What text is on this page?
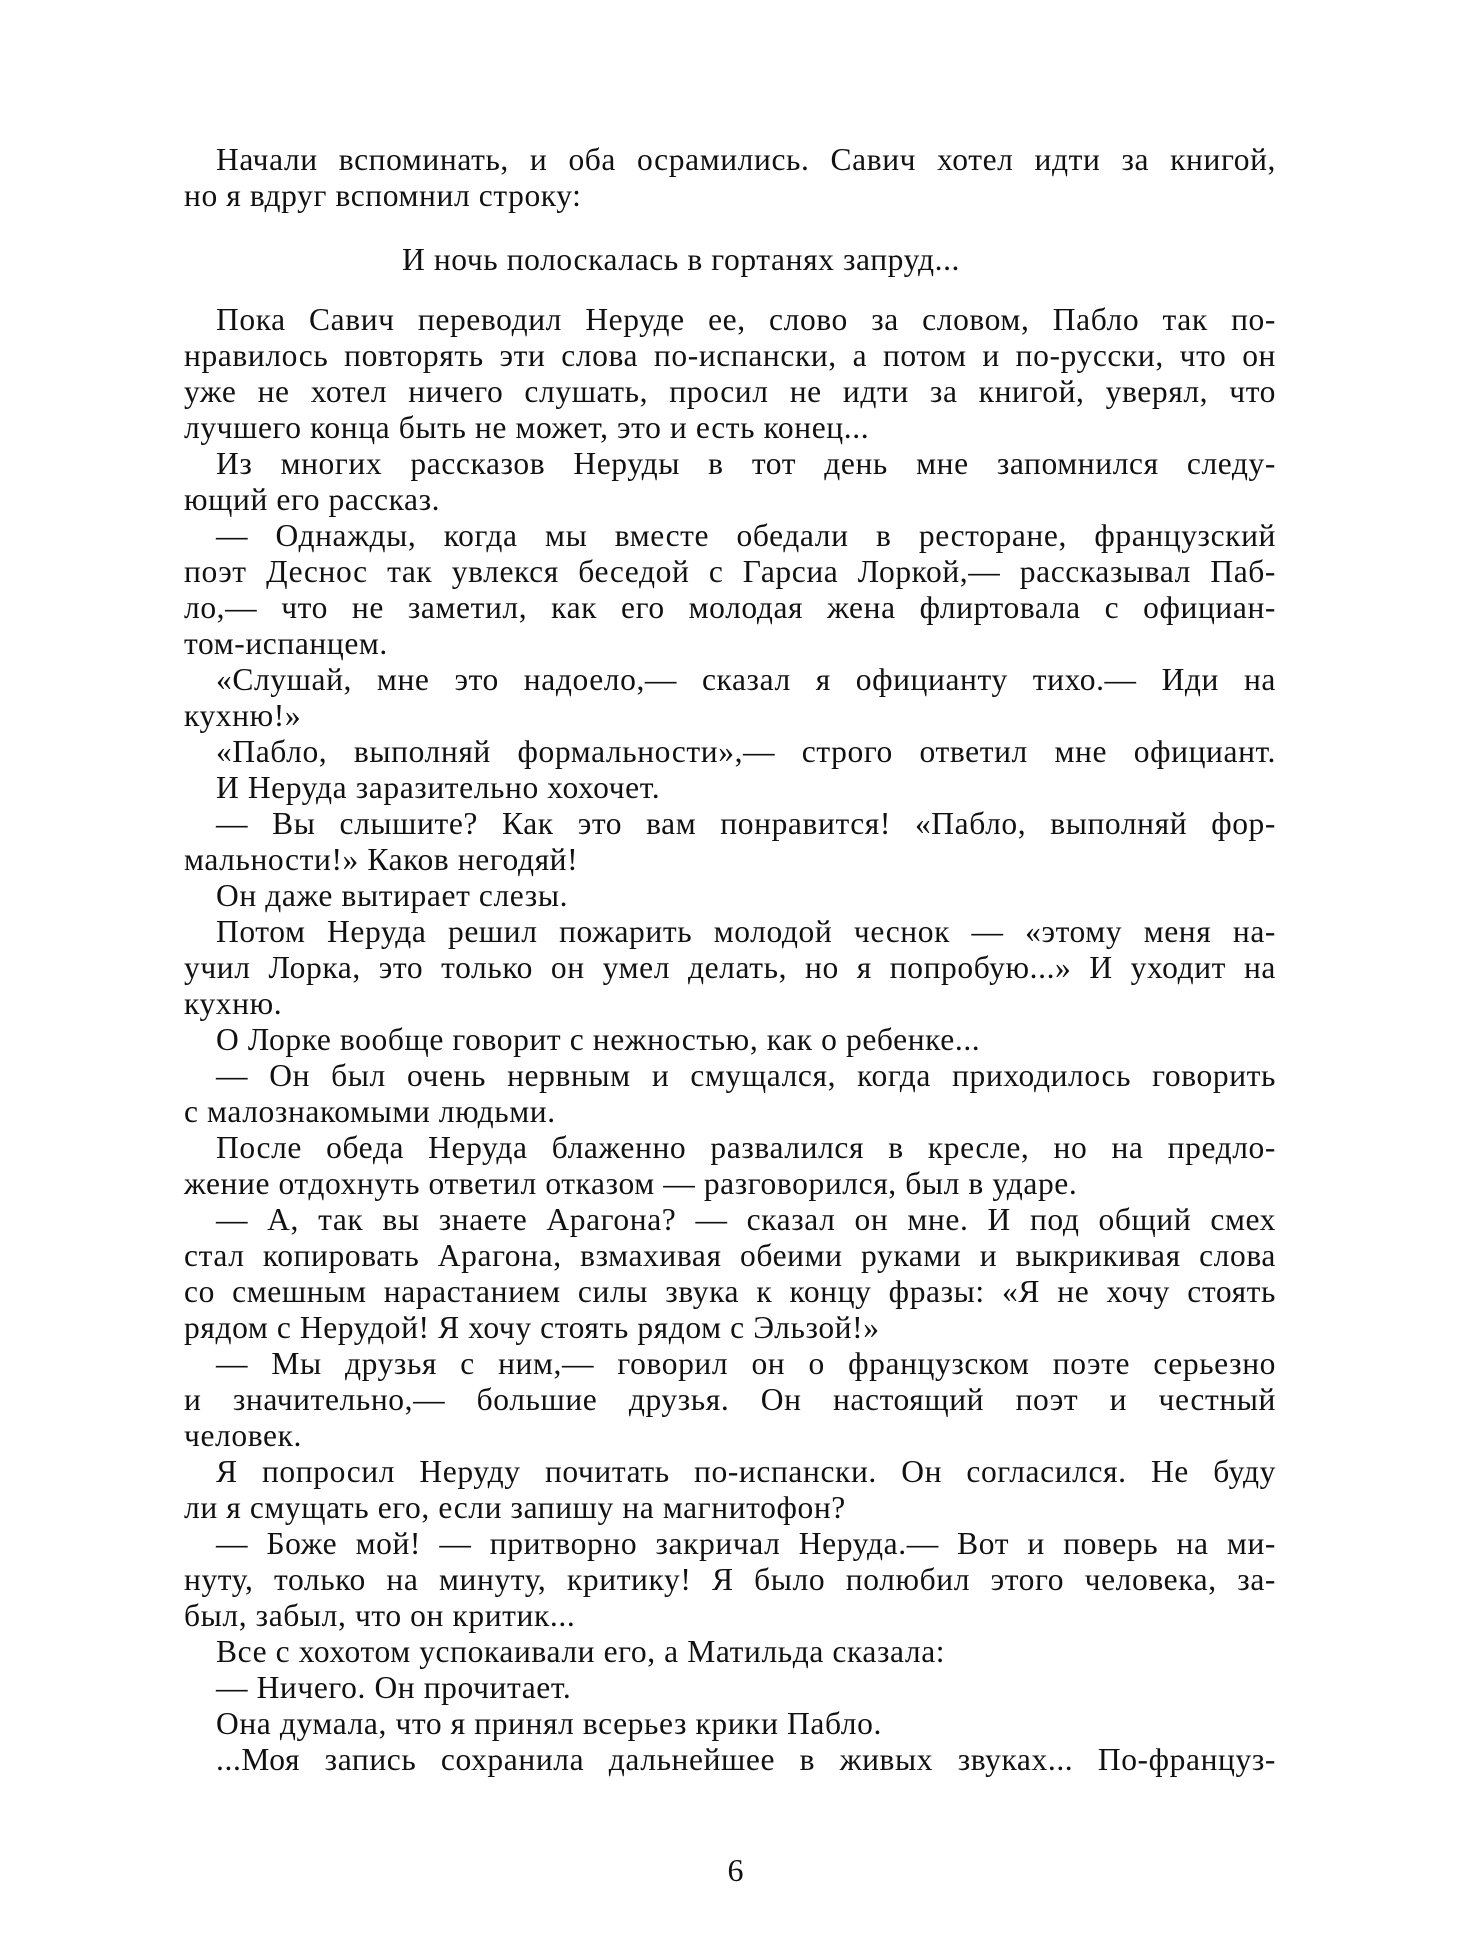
Начали вспоминать, и оба осрамились. Савич хотел идти за книгой,
но я вдруг вспомнил строку:
И ночь полоскалась в гортанях запруд...
Пока Савич переводил Неруде ее, слово за словом, Пабло так по-
нравилось повторять эти слова по-испански, а потом и по-русски, что он
уже не хотел ничего слушать, просил не идти за книгой, уверял, что
лучшего конца быть не может, это и есть конец...
Из многих рассказов Неруды в тот день мне запомнился следу-
ющий его рассказ.
— Однажды, когда мы вместе обедали в ресторане, французский
поэт Деснос так увлекся беседой с Гарсиа Лоркой,— рассказывал Паб-
ло,— что не заметил, как его молодая жена флиртовала с официан-
том-испанцем.
«Слушай, мне это надоело,— сказал я официанту тихо.— Иди на
кухню!»
«Пабло, выполняй формальности»,— строго ответил мне официант.
И Неруда заразительно хохочет.
— Вы слышите? Как это вам понравится! «Пабло, выполняй фор-
мальности!» Каков негодяй!
Он даже вытирает слезы.
Потом Неруда решил пожарить молодой чеснок — «этому меня на-
учил Лорка, это только он умел делать, но я попробую...» И уходит на
кухню.
О Лорке вообще говорит с нежностью, как о ребенке...
— Он был очень нервным и смущался, когда приходилось говорить
с малознакомыми людьми.
После обеда Неруда блаженно развалился в кресле, но на предло-
жение отдохнуть ответил отказом — разговорился, был в ударе.
— А, так вы знаете Арагона? — сказал он мне. И под общий смех
стал копировать Арагона, взмахивая обеими руками и выкрикивая слова
со смешным нарастанием силы звука к концу фразы: «Я не хочу стоять
рядом с Нерудой! Я хочу стоять рядом с Эльзой!»
— Мы друзья с ним,— говорил он о французском поэте серьезно
и значительно,— большие друзья. Он настоящий поэт и честный
человек.
Я попросил Неруду почитать по-испански. Он согласился. Не буду
ли я смущать его, если запишу на магнитофон?
— Боже мой! — притворно закричал Неруда.— Вот и поверь на ми-
нуту, только на минуту, критику! Я было полюбил этого человека, за-
был, забыл, что он критик...
Все с хохотом успокаивали его, а Матильда сказала:
— Ничего. Он прочитает.
Она думала, что я принял всерьез крики Пабло.
...Моя запись сохранила дальнейшее в живых звуках... По-француз-
6
